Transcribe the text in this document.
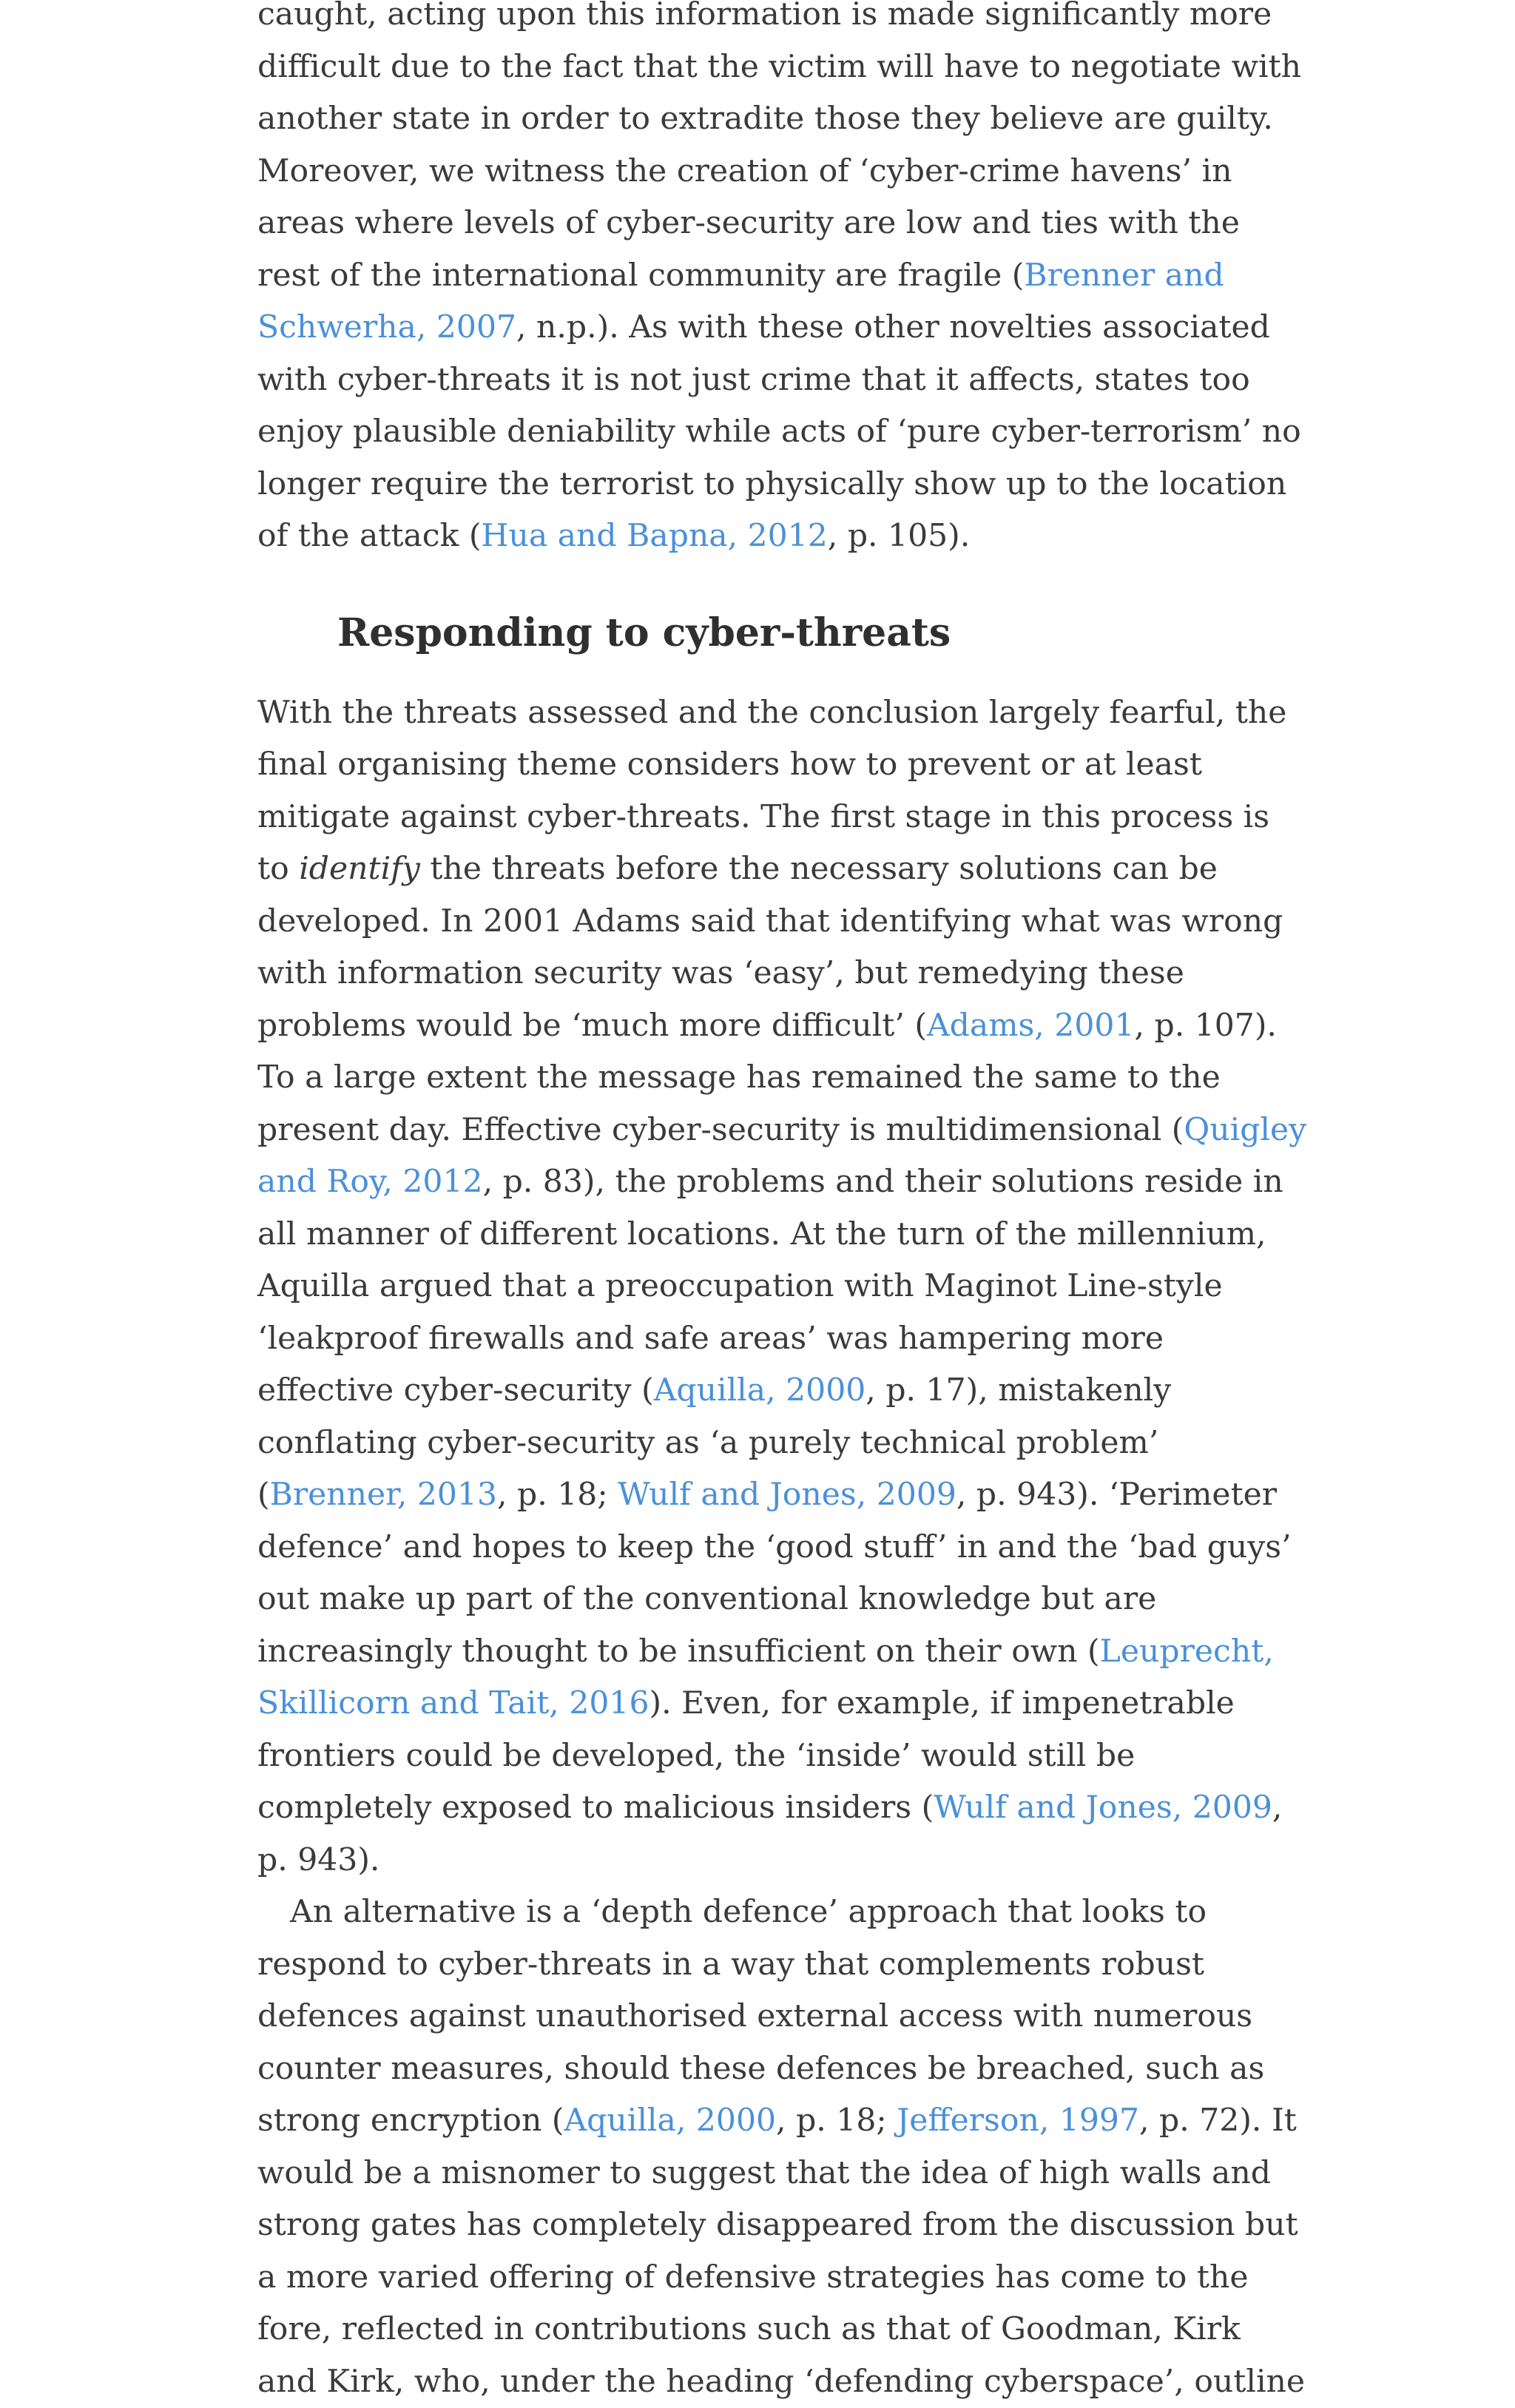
caught, acting upon this information is made significantly more difficult due to the fact that the victim will have to negotiate with another state in order to extradite those they believe are guilty. Moreover, we witness the creation of ‘cyber-crime havens’ in areas where levels of cyber-security are low and ties with the rest of the international community are fragile (Brenner and Schwerha, 2007, n.p.). As with these other novelties associated with cyber-threats it is not just crime that it affects, states too enjoy plausible deniability while acts of ‘pure cyber-terrorism’ no longer require the terrorist to physically show up to the location of the attack (Hua and Bapna, 2012, p. 105).

Responding to cyber-threats

With the threats assessed and the conclusion largely fearful, the final organising theme considers how to prevent or at least mitigate against cyber-threats. The first stage in this process is to identify the threats before the necessary solutions can be developed. In 2001 Adams said that identifying what was wrong with information security was ‘easy’, but remedying these problems would be ‘much more difficult’ (Adams, 2001, p. 107). To a large extent the message has remained the same to the present day. Effective cyber-security is multidimensional (Quigley and Roy, 2012, p. 83), the problems and their solutions reside in all manner of different locations. At the turn of the millennium, Aquilla argued that a preoccupation with Maginot Line-style ‘leakproof firewalls and safe areas’ was hampering more effective cyber-security (Aquilla, 2000, p. 17), mistakenly conflating cyber-security as ‘a purely technical problem’ (Brenner, 2013, p. 18; Wulf and Jones, 2009, p. 943). ‘Perimeter defence’ and hopes to keep the ‘good stuff’ in and the ‘bad guys’ out make up part of the conventional knowledge but are increasingly thought to be insufficient on their own (Leuprecht, Skillicorn and Tait, 2016). Even, for example, if impenetrable frontiers could be developed, the ‘inside’ would still be completely exposed to malicious insiders (Wulf and Jones, 2009, p. 943).

An alternative is a ‘depth defence’ approach that looks to respond to cyber-threats in a way that complements robust defences against unauthorised external access with numerous counter measures, should these defences be breached, such as strong encryption (Aquilla, 2000, p. 18; Jefferson, 1997, p. 72). It would be a misnomer to suggest that the idea of high walls and strong gates has completely disappeared from the discussion but a more varied offering of defensive strategies has come to the fore, reflected in contributions such as that of Goodman, Kirk and Kirk, who, under the heading ‘defending cyberspace’, outline
